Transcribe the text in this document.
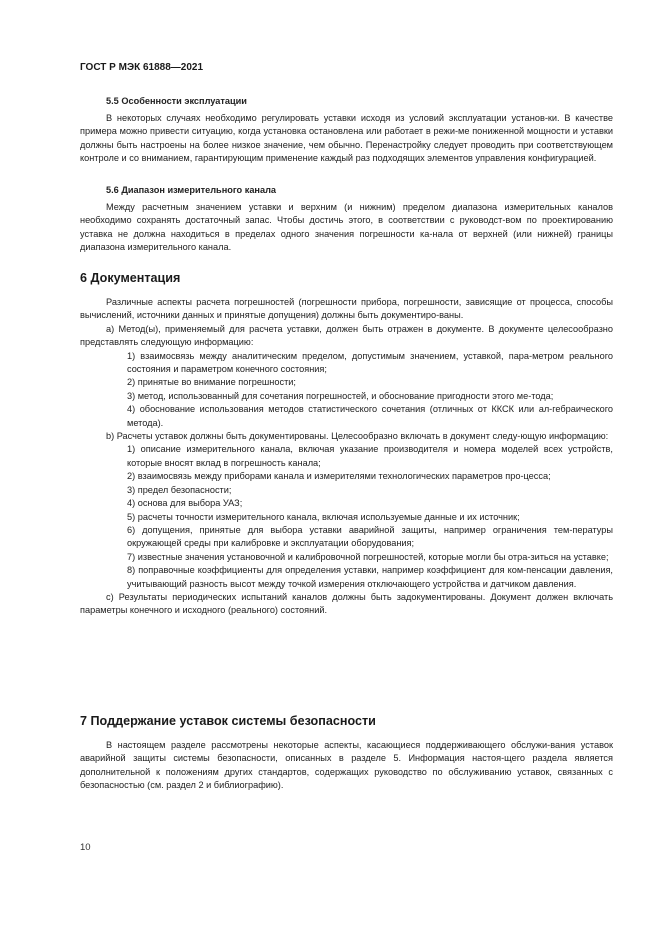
ГОСТ Р МЭК 61888—2021
5.5 Особенности эксплуатации

В некоторых случаях необходимо регулировать уставки исходя из условий эксплуатации установ-ки. В качестве примера можно привести ситуацию, когда установка остановлена или работает в режи-ме пониженной мощности и уставки должны быть настроены на более низкое значение, чем обычно. Перенастройку следует проводить при соответствующем контроле и со вниманием, гарантирующим применение каждый раз подходящих элементов управления конфигурацией.

5.6 Диапазон измерительного канала

Между расчетным значением уставки и верхним (и нижним) пределом диапазона измерительных каналов необходимо сохранять достаточный запас. Чтобы достичь этого, в соответствии с руководст-вом по проектированию уставка не должна находиться в пределах одного значения погрешности ка-нала от верхней (или нижней) границы диапазона измерительного канала.

6 Документация

Различные аспекты расчета погрешностей (погрешности прибора, погрешности, зависящие от процесса, способы вычислений, источники данных и принятые допущения) должны быть документиро-ваны.

a) Метод(ы), применяемый для расчета уставки, должен быть отражен в документе. В документе целесообразно представлять следующую информацию:

1) взаимосвязь между аналитическим пределом, допустимым значением, уставкой, пара-метром реального состояния и параметром конечного состояния;

2) принятые во внимание погрешности;

3) метод, использованный для сочетания погрешностей, и обоснование пригодности этого ме-тода;

4) обоснование использования методов статистического сочетания (отличных от ККСК или ал-гебраического метода).

b) Расчеты уставок должны быть документированы. Целесообразно включать в документ следу-ющую информацию:

1) описание измерительного канала, включая указание производителя и номера моделей всех устройств, которые вносят вклад в погрешность канала;

2) взаимосвязь между приборами канала и измерителями технологических параметров про-цесса;

3) предел безопасности;

4) основа для выбора УАЗ;

5) расчеты точности измерительного канала, включая используемые данные и их источник;

6) допущения, принятые для выбора уставки аварийной защиты, например ограничения тем-пературы окружающей среды при калибровке и эксплуатации оборудования;

7) известные значения установочной и калибровочной погрешностей, которые могли бы отра-зиться на уставке;

8) поправочные коэффициенты для определения уставки, например коэффициент для ком-пенсации давления, учитывающий разность высот между точкой измерения отключающего устройства и датчиком давления.

c) Результаты периодических испытаний каналов должны быть задокументированы. Документ должен включать параметры конечного и исходного (реального) состояний.

7 Поддержание уставок системы безопасности

В настоящем разделе рассмотрены некоторые аспекты, касающиеся поддерживающего обслужи-вания уставок аварийной защиты системы безопасности, описанных в разделе 5. Информация настоя-щего раздела является дополнительной к положениям других стандартов, содержащих руководство по обслуживанию уставок, связанных с безопасностью (см. раздел 2 и библиографию).

10
